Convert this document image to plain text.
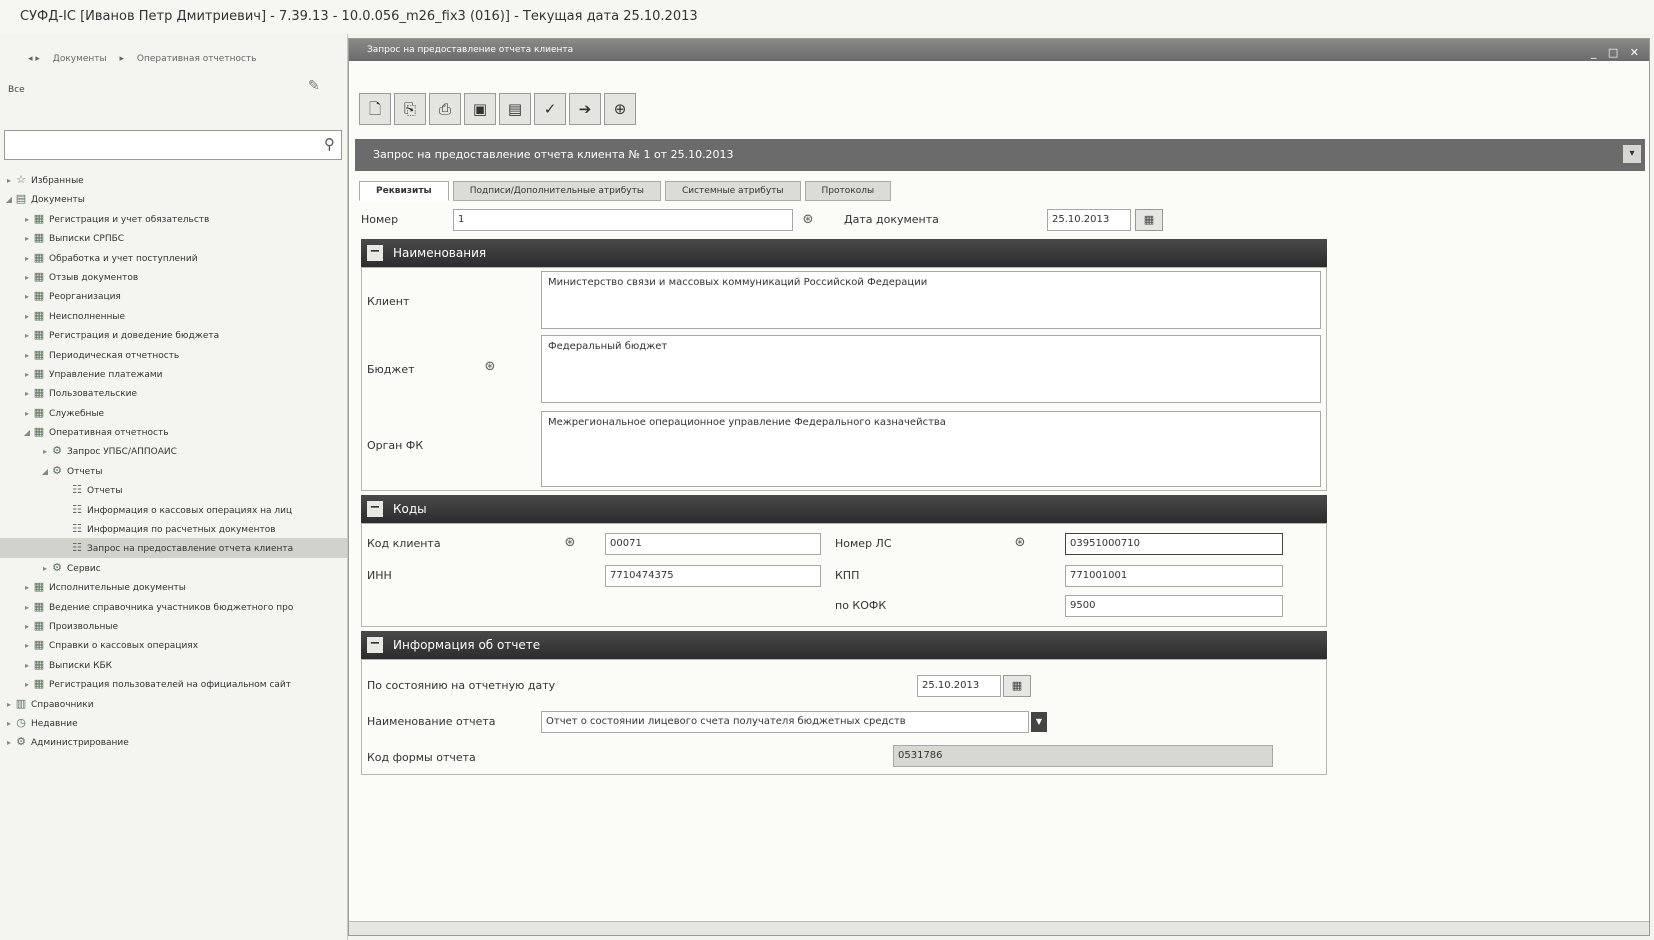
СУФД-ІС [Иванов Петр Дмитриевич] - 7.39.13 - 10.0.056_m26_fix3 (016)] - Текущая дата 25.10.2013
◂ ▸ Документы ▸ Оперативная отчетность
Все	✎
⚲
▸ ☆ Избранные
◢ ▤ Документы
▸ ▦ Регистрация и учет обязательств
▸ ▦ Выписки СРПБС
▸ ▦ Обработка и учет поступлений
▸ ▦ Отзыв документов
▸ ▦ Реорганизация
▸ ▦ Неисполненные
▸ ▦ Регистрация и доведение бюджета
▸ ▦ Периодическая отчетность
▸ ▦ Управление платежами
▸ ▦ Пользовательские
▸ ▦ Служебные
◢ ▦ Оперативная отчетность
▸ ⚙ Запрос УПБС/АППОАИС
◢ ⚙ Отчеты
☷ Отчеты
☷ Информация о кассовых операциях на лиц
☷ Информация по расчетных документов
☷ Запрос на предоставление отчета клиента
▸ ⚙ Сервис
▸ ▦ Исполнительные документы
▸ ▦ Ведение справочника участников бюджетного про
▸ ▦ Произвольные
▸ ▦ Справки о кассовых операциях
▸ ▦ Выписки КБК
▸ ▦ Регистрация пользователей на официальном сайт
▸ ▥ Справочники
▸ ◷ Недавние
▸ ⚙ Администрирование
Запрос на предоставление отчета клиента	_ □ ✕
🗋 ⎘ ⎙ ▣ ▤ ✓ ➔ ⊕
Запрос на предоставление отчета клиента № 1 от 25.10.2013	▾
Реквизиты	Подписи/Дополнительные атрибуты	Системные атрибуты	Протоколы
Номер	1	⊛	Дата документа	25.10.2013	▦
− Наименования
Клиент
Министерство связи и массовых коммуникаций Российской Федерации
Бюджет	⊛
Федеральный бюджет
Орган ФК
Межрегиональное операционное управление Федерального казначейства
− Коды
Код клиента	⊛	00071	Номер ЛС	⊛	03951000710
ИНН	7710474375	КПП	771001001
по КОФК	9500
− Информация об отчете
По состоянию на отчетную дату	25.10.2013	▦
Наименование отчета	Отчет о состоянии лицевого счета получателя бюджетных средств	▼
Код формы отчета	0531786
